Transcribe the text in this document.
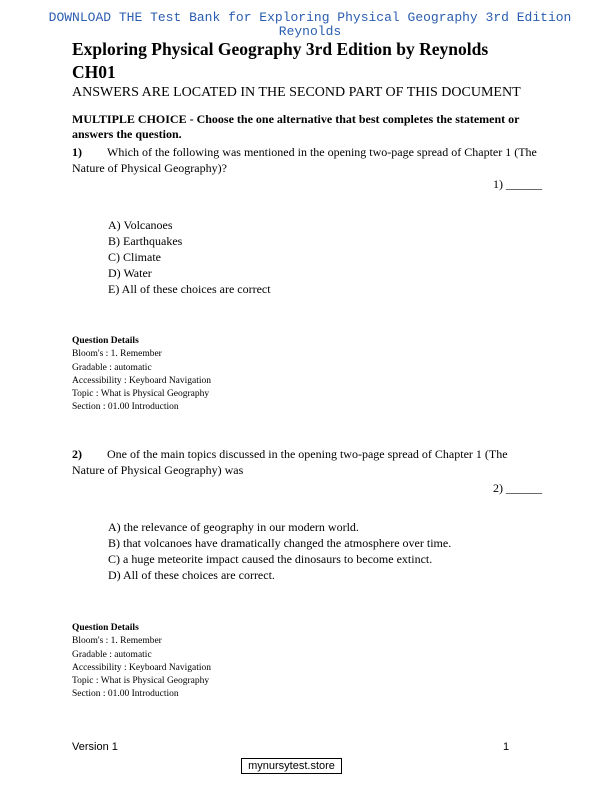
DOWNLOAD THE Test Bank for Exploring Physical Geography 3rd Edition Reynolds
Exploring Physical Geography 3rd Edition by Reynolds
CH01
ANSWERS ARE LOCATED IN THE SECOND PART OF THIS DOCUMENT
MULTIPLE CHOICE - Choose the one alternative that best completes the statement or answers the question.
1) Which of the following was mentioned in the opening two-page spread of Chapter 1 (The Nature of Physical Geography)?
1) ______
A) Volcanoes
B) Earthquakes
C) Climate
D) Water
E) All of these choices are correct
Question Details
Bloom's : 1. Remember
Gradable : automatic
Accessibility : Keyboard Navigation
Topic : What is Physical Geography
Section : 01.00 Introduction
2) One of the main topics discussed in the opening two-page spread of Chapter 1 (The Nature of Physical Geography) was
2) ______
A) the relevance of geography in our modern world.
B) that volcanoes have dramatically changed the atmosphere over time.
C) a huge meteorite impact caused the dinosaurs to become extinct.
D) All of these choices are correct.
Question Details
Bloom's : 1. Remember
Gradable : automatic
Accessibility : Keyboard Navigation
Topic : What is Physical Geography
Section : 01.00 Introduction
Version 1	1
mynursytest.store
